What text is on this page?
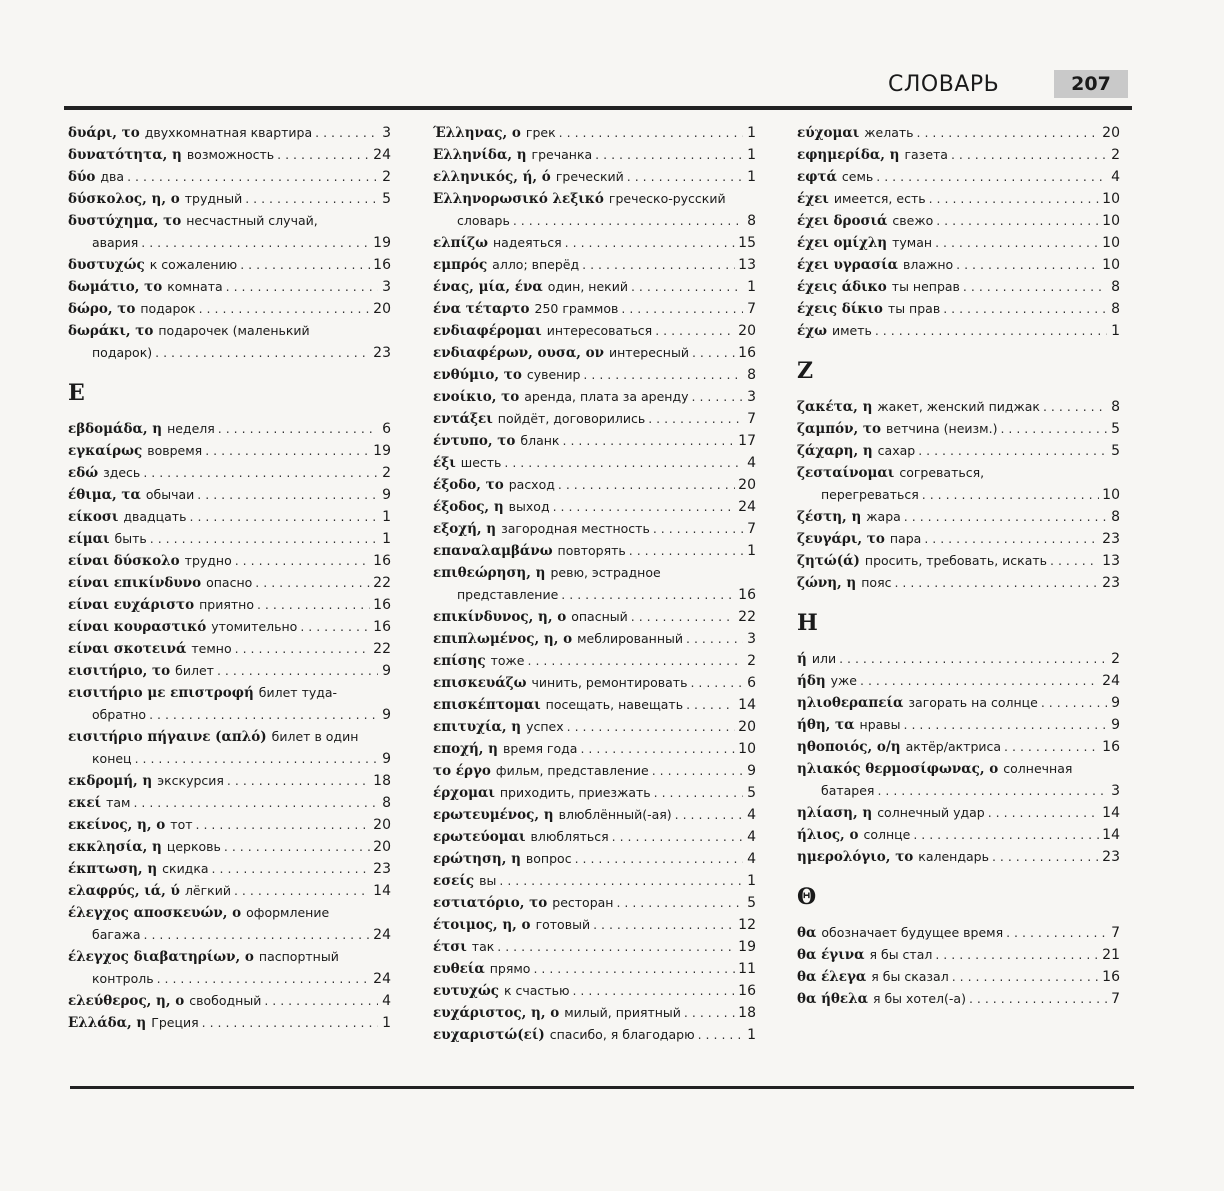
СЛОВАРЬ	207
δυάρι, το двухкомнатная квартира . . .	3
δυνατότητα, η возможность . . .	24
δύο два . . .	2
δύσκολος, η, ο трудный . . .	5
δυστύχημα, το несчастный случай,
авария . . .	19
δυστυχώς к сожалению . . .	16
δωμάτιο, το комната . . .	3
δώρο, το подарок . . .	20
δωράκι, το подарочек (маленький
подарок) . . .	23
Ε
εβδομάδα, η неделя . . .	6
εγκαίρως вовремя . . .	19
εδώ здесь . . .	2
έθιμα, τα обычаи . . .	9
είκοσι двадцать . . .	1
είμαι быть . . .	1
είναι δύσκολο трудно . . .	16
είναι επικίνδυνο опасно . . .	22
είναι ευχάριστο приятно . . .	16
είναι κουραστικό утомительно . . .	16
είναι σκοτεινά темно . . .	22
εισιτήριο, το билет . . .	9
εισιτήριο με επιστροφή билет туда-
обратно . . .	9
εισιτήριο πήγαινε (απλό) билет в один
конец . . .	9
εκδρομή, η экскурсия . . .	18
εκεί там . . .	8
εκείνος, η, ο тот . . .	20
εκκλησία, η церковь . . .	20
έκπτωση, η скидка . . .	23
ελαφρύς, ιά, ύ лёгкий . . .	14
έλεγχος αποσκευών, ο оформление
багажа . . .	24
έλεγχος διαβατηρίων, ο паспортный
контроль . . .	24
ελεύθερος, η, ο свободный . . .	4
Ελλάδα, η Греция . . .	1
Έλληνας, ο грек . . .	1
Ελληνίδα, η гречанка . . .	1
ελληνικός, ή, ό греческий . . .	1
Ελληνορωσικό λεξικό греческо-русский
словарь . . .	8
ελπίζω надеяться . . .	15
εμπρός алло; вперёд . . .	13
ένας, μία, ένα один, некий . . .	1
ένα τέταρτο 250 граммов . . .	7
ενδιαφέρομαι интересоваться . . .	20
ενδιαφέρων, ουσα, ον интересный . . .	16
ενθύμιο, το сувенир . . .	8
ενοίκιο, το аренда, плата за аренду . . .	3
εντάξει пойдёт, договорились . . .	7
έντυπο, το бланк . . .	17
έξι шесть . . .	4
έξοδο, το расход . . .	20
έξοδος, η выход . . .	24
εξοχή, η загородная местность . . .	7
επαναλαμβάνω повторять . . .	1
επιθεώρηση, η ревю, эстрадное
представление . . .	16
επικίνδυνος, η, ο опасный . . .	22
επιπλωμένος, η, ο меблированный . . .	3
επίσης тоже . . .	2
επισκευάζω чинить, ремонтировать . . .	6
επισκέπτομαι посещать, навещать . . .	14
επιτυχία, η успех . . .	20
εποχή, η время года . . .	10
το έργο фильм, представление . . .	9
έρχομαι приходить, приезжать . . .	5
ερωτευμένος, η влюблённый(-ая) . . .	4
ερωτεύομαι влюбляться . . .	4
ερώτηση, η вопрос . . .	4
εσείς вы . . .	1
εστιατόριο, το ресторан . . .	5
έτοιμος, η, ο готовый . . .	12
έτσι так . . .	19
ευθεία прямо . . .	11
ευτυχώς к счастью . . .	16
ευχάριστος, η, ο милый, приятный . . .	18
ευχαριστώ(εί) спасибо, я благодарю . . .	1
εύχομαι желать . . .	20
εφημερίδα, η газета . . .	2
εφτά семь . . .	4
έχει имеется, есть . . .	10
έχει δροσιά свежо . . .	10
έχει ομίχλη туман . . .	10
έχει υγρασία влажно . . .	10
έχεις άδικο ты неправ . . .	8
έχεις δίκιο ты прав . . .	8
έχω иметь . . .	1
Ζ
ζακέτα, η жакет, женский пиджак . . .	8
ζαμπόν, το ветчина (неизм.) . . .	5
ζάχαρη, η сахар . . .	5
ζεσταίνομαι согреваться,
перегреваться . . .	10
ζέστη, η жара . . .	8
ζευγάρι, το пара . . .	23
ζητώ(ά) просить, требовать, искать . . .	13
ζώνη, η пояс . . .	23
Η
ή или . . .	2
ήδη уже . . .	24
ηλιοθεραπεία загорать на солнце . . .	9
ήθη, τα нравы . . .	9
ηθοποιός, ο/η актёр/актриса . . .	16
ηλιακός θερμοσίφωνας, ο солнечная
батарея . . .	3
ηλίαση, η солнечный удар . . .	14
ήλιος, ο солнце . . .	14
ημερολόγιο, το календарь . . .	23
Θ
θα обозначает будущее время . . .	7
θα έγινα я бы стал . . .	21
θα έλεγα я бы сказал . . .	16
θα ήθελα я бы хотел(-а) . . .	7
